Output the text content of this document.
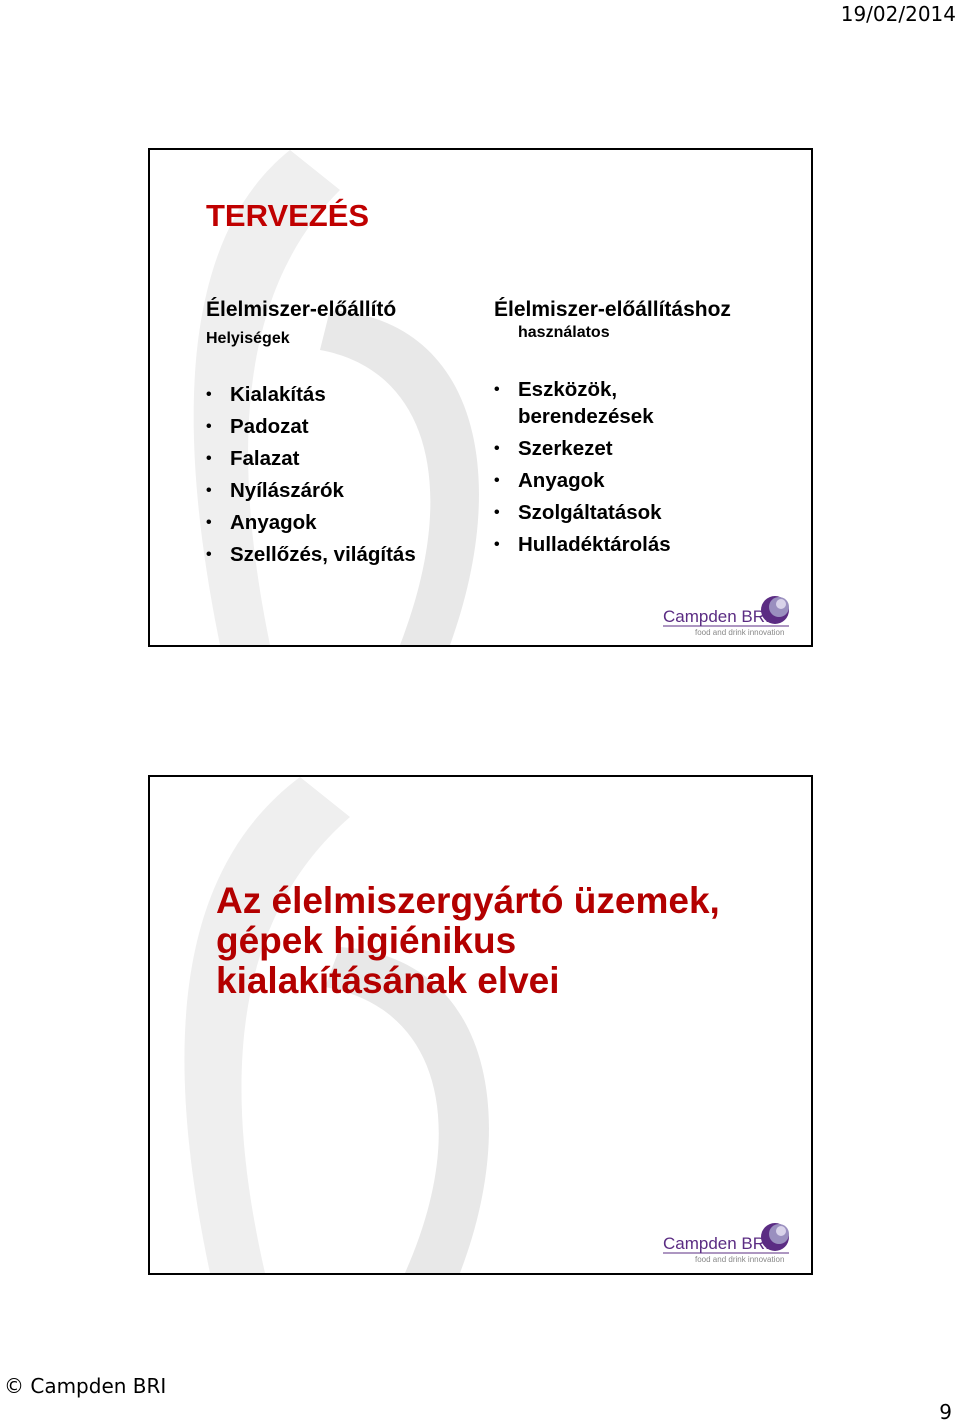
19/02/2014
TERVEZÉS
Élelmiszer-előállító
Helyiségek
• Kialakítás
• Padozat
• Falazat
• Nyílászárók
• Anyagok
• Szellőzés, világítás
Élelmiszer-előállításhoz
használatos
• Eszközök, berendezések
• Szerkezet
• Anyagok
• Szolgáltatások
• Hulladéktárolás
Campden BRI
food and drink innovation
Az élelmiszergyártó üzemek,
gépek higiénikus
kialakításának elvei
Campden BRI
food and drink innovation
© Campden BRI
9
